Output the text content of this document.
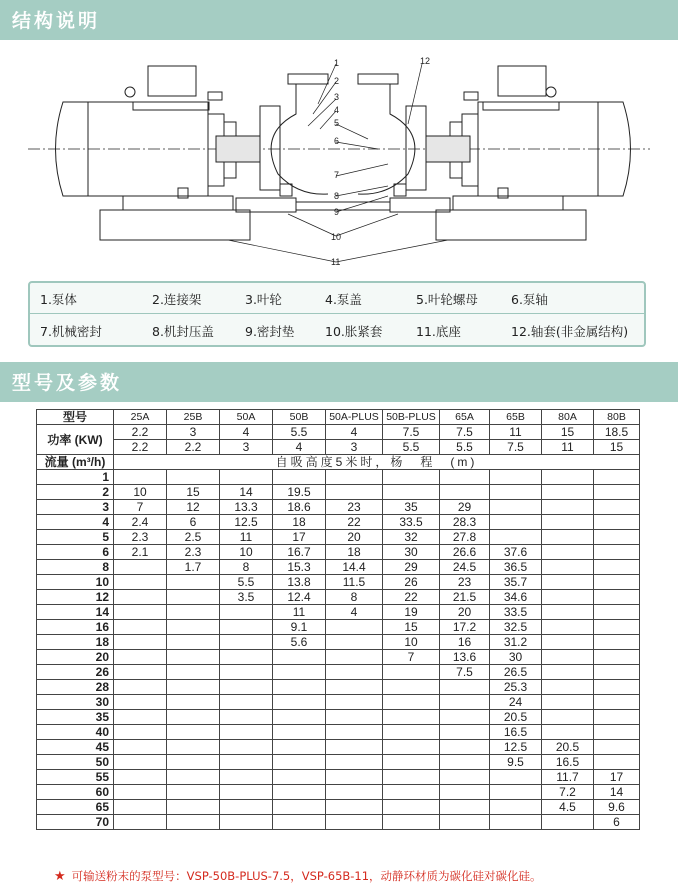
结构说明
1
2
3
4
5
6
7
8
9
10
11
12
1.泵体	2.连接架	3.叶轮	4.泵盖	5.叶轮螺母	6.泵轴
7.机械密封	8.机封压盖 9.密封垫 10.胀紧套	11.底座	12.轴套(非金属结构)
型号及参数
型号	25A	25B	50A	50B	50A-PLUS	50B-PLUS	65A	65B	80A	80B
功率 (KW)	2.2	3	4	5.5	4	7.5	7.5	11	15	18.5
	2.2	2.2	3	4	3	5.5	5.5	7.5	11	15
流量 (m³/h)	自吸高度5米时，杨　程　(m)									
1										
2	10	15	14	19.5						
3	7	12	13.3	18.6	23	35	29			
4	2.4	6	12.5	18	22	33.5	28.3			
5	2.3	2.5	11	17	20	32	27.8			
6	2.1	2.3	10	16.7	18	30	26.6	37.6		
8		1.7	8	15.3	14.4	29	24.5	36.5		
10			5.5	13.8	11.5	26	23	35.7		
12			3.5	12.4	8	22	21.5	34.6		
14				11	4	19	20	33.5		
16				9.1		15	17.2	32.5		
18				5.6		10	16	31.2		
20						7	13.6	30		
26							7.5	26.5		
28								25.3		
30								24		
35								20.5		
40								16.5		
45								12.5	20.5	
50								9.5	16.5	
55									11.7	17
60									7.2	14
65									4.5	9.6
70										6
★ 可输送粉末的泵型号：VSP-50B-PLUS-7.5，VSP-65B-11，动静环材质为碳化硅对碳化硅。
